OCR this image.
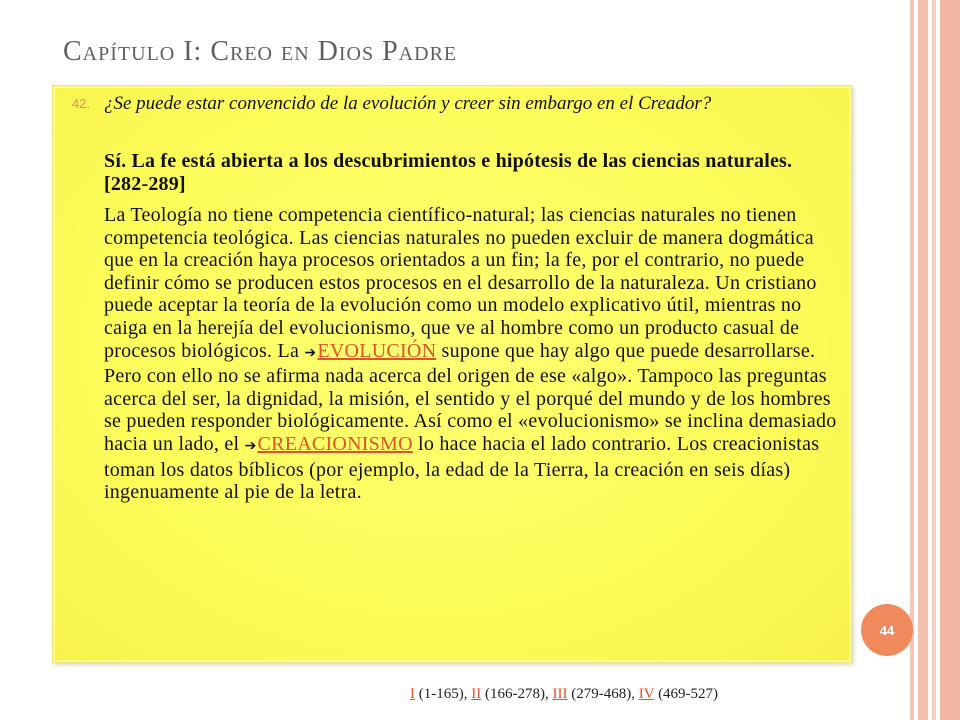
Capítulo I: Creo en Dios Padre
42. ¿Se puede estar convencido de la evolución y creer sin embargo en el Creador?
Sí. La fe está abierta a los descubrimientos e hipótesis de las ciencias naturales. [282-289]

La Teología no tiene competencia científico-natural; las ciencias naturales no tienen competencia teológica. Las ciencias naturales no pueden excluir de manera dogmática que en la creación haya procesos orientados a un fin; la fe, por el contrario, no puede definir cómo se producen estos procesos en el desarrollo de la naturaleza. Un cristiano puede aceptar la teoría de la evolución como un modelo explicativo útil, mientras no caiga en la herejía del evolucionismo, que ve al hombre como un producto casual de procesos biológicos. La ➔EVOLUCIÓN supone que hay algo que puede desarrollarse. Pero con ello no se afirma nada acerca del origen de ese «algo». Tampoco las preguntas acerca del ser, la dignidad, la misión, el sentido y el porqué del mundo y de los hombres se pueden responder biológicamente. Así como el «evolucionismo» se inclina demasiado hacia un lado, el ➔CREACIONISMO lo hace hacia el lado contrario. Los creacionistas toman los datos bíblicos (por ejemplo, la edad de la Tierra, la creación en seis días) ingenuamente al pie de la letra.

44
I (1-165), II (166-278), III (279-468), IV (469-527)
